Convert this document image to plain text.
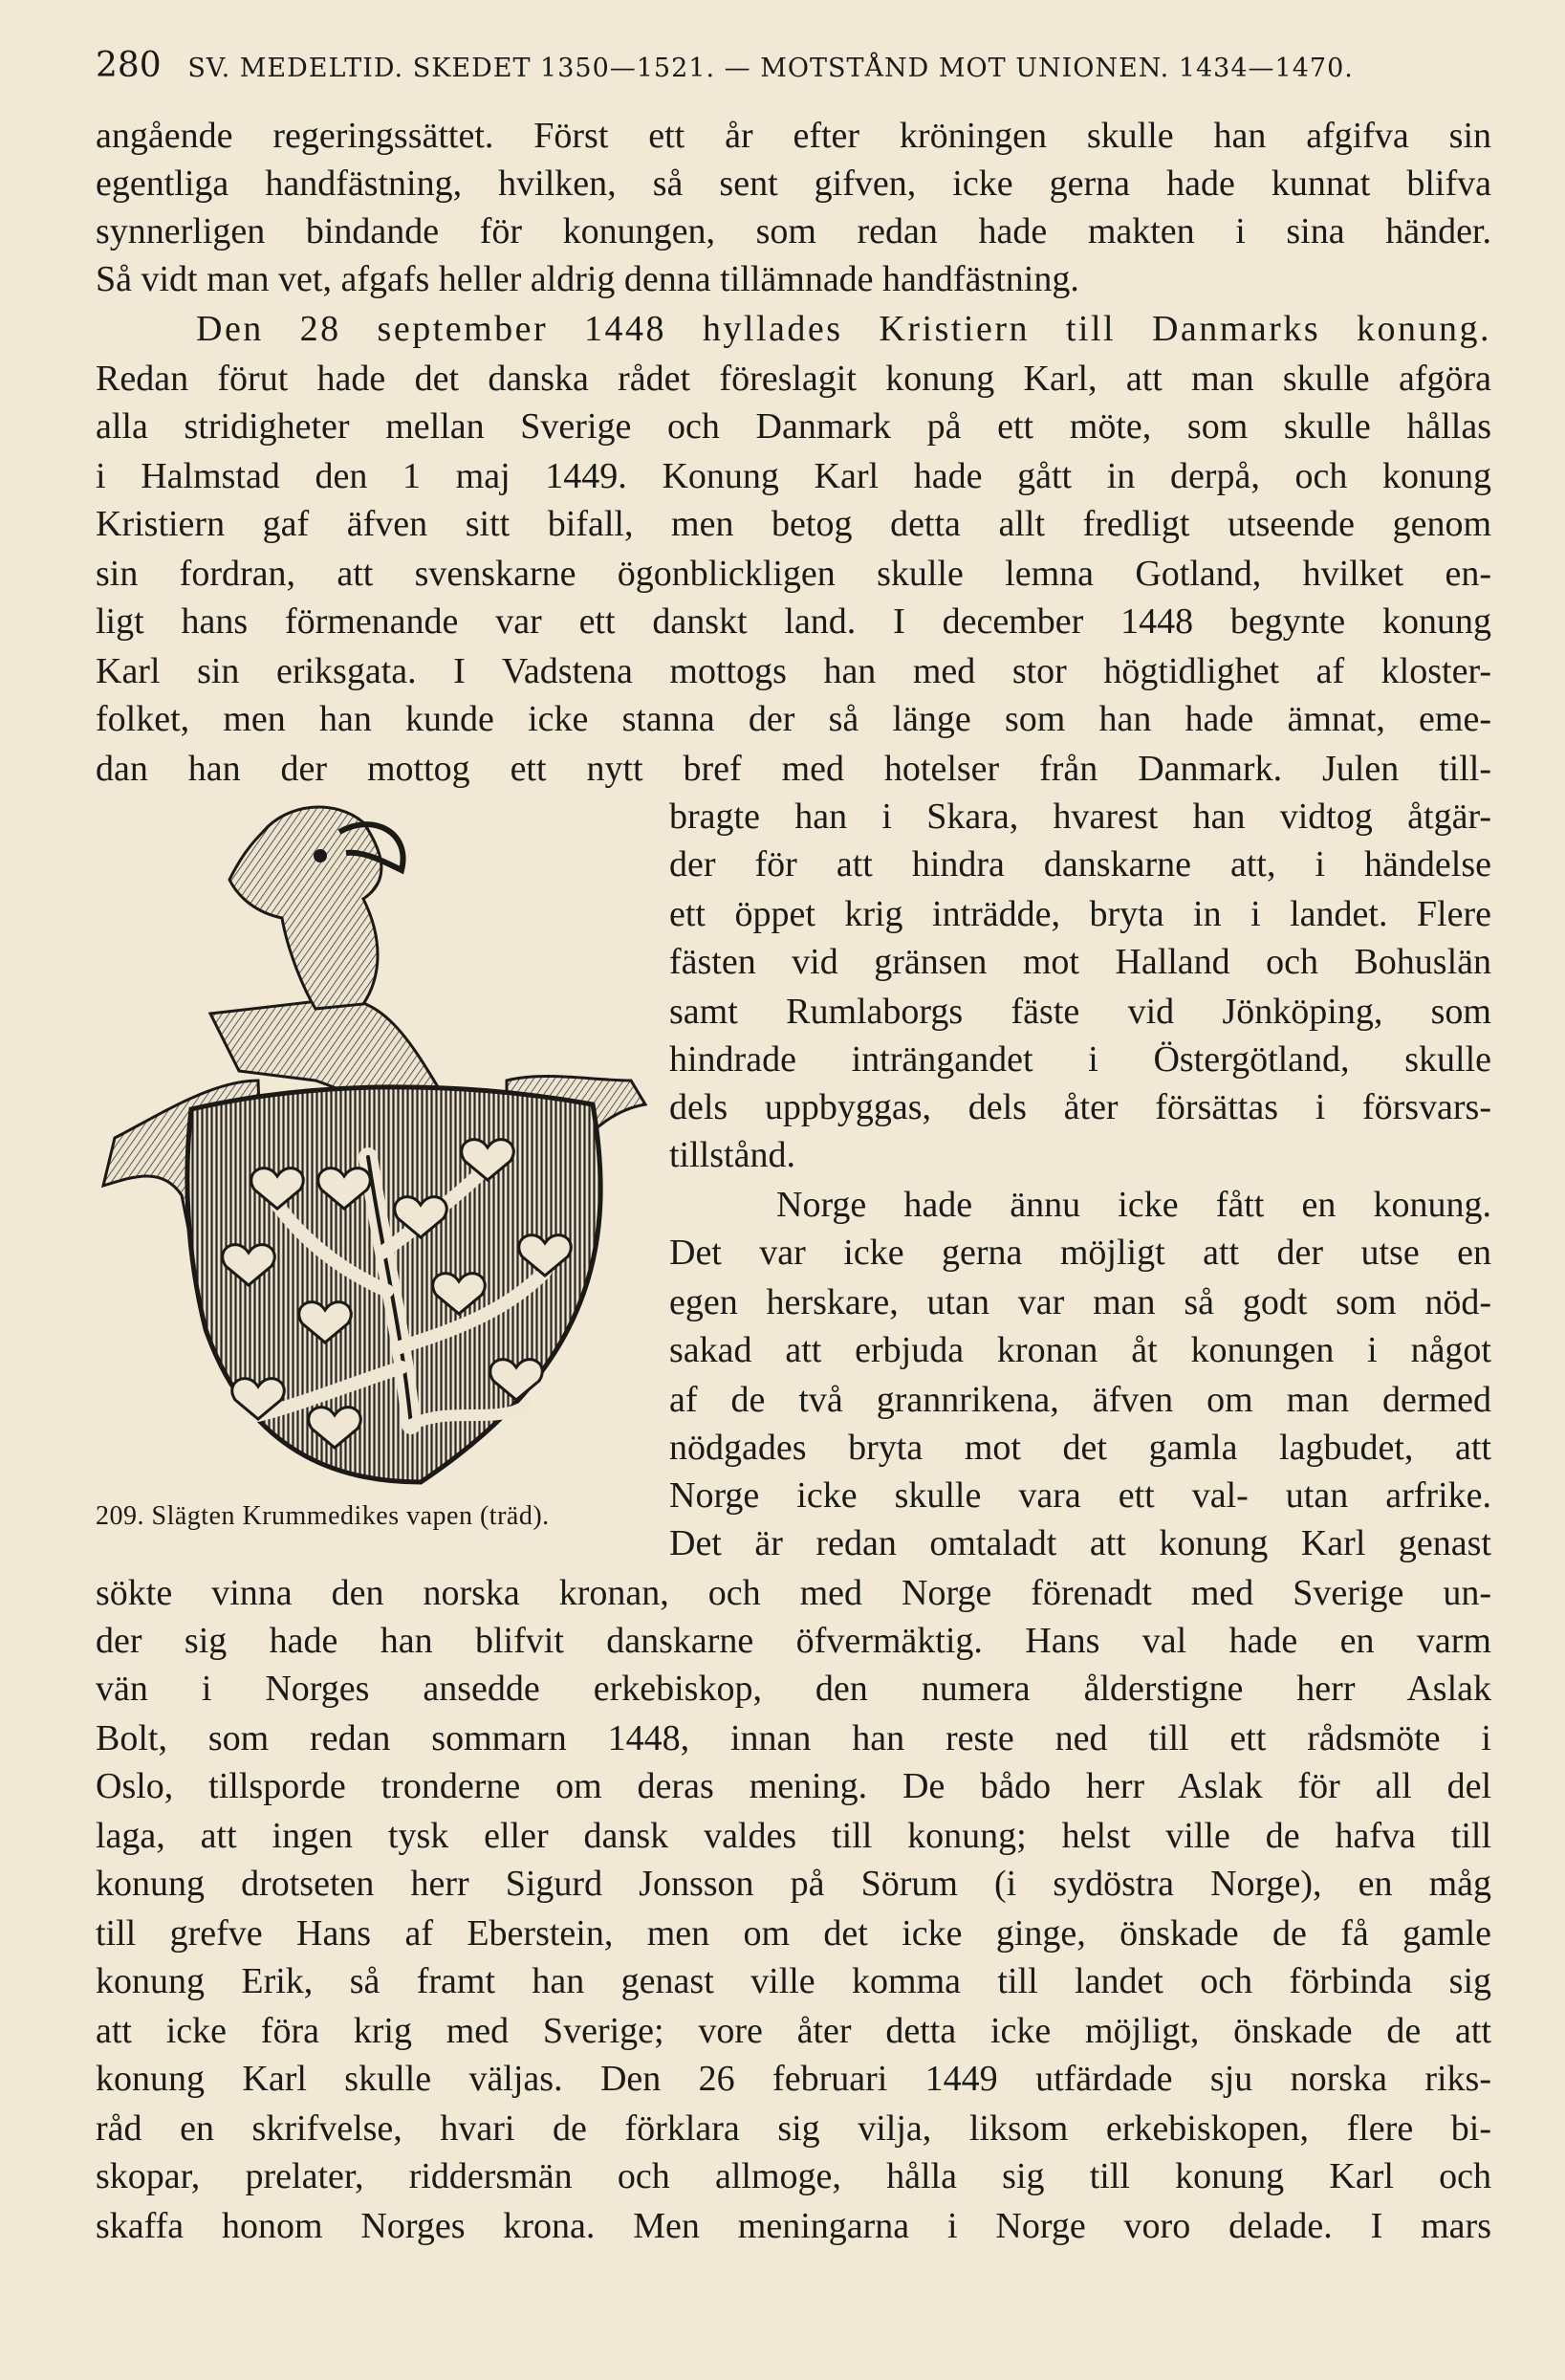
280 SV. MEDELTID. SKEDET 1350—1521. — MOTSTÅND MOT UNIONEN. 1434—1470.
angående regeringssättet. Först ett år efter kröningen skulle han afgifva sin
egentliga handfästning, hvilken, så sent gifven, icke gerna hade kunnat blifva
synnerligen bindande för konungen, som redan hade makten i sina händer.
Så vidt man vet, afgafs heller aldrig denna tillämnade handfästning.
Den 28 september 1448 hyllades Kristiern till Danmarks konung.
Redan förut hade det danska rådet föreslagit konung Karl, att man skulle afgöra
alla stridigheter mellan Sverige och Danmark på ett möte, som skulle hållas
i Halmstad den 1 maj 1449. Konung Karl hade gått in derpå, och konung
Kristiern gaf äfven sitt bifall, men betog detta allt fredligt utseende genom
sin fordran, att svenskarne ögonblickligen skulle lemna Gotland, hvilket en-
ligt hans förmenande var ett danskt land. I december 1448 begynte konung
Karl sin eriksgata. I Vadstena mottogs han med stor högtidlighet af kloster-
folket, men han kunde icke stanna der så länge som han hade ämnat, eme-
dan han der mottog ett nytt bref med hotelser från Danmark. Julen till-
bragte han i Skara, hvarest han vidtog åtgär-
der för att hindra danskarne att, i händelse
ett öppet krig inträdde, bryta in i landet. Flere
fästen vid gränsen mot Halland och Bohuslän
samt Rumlaborgs fäste vid Jönköping, som
hindrade inträngandet i Östergötland, skulle
dels uppbyggas, dels åter försättas i försvars-
tillstånd.
Norge hade ännu icke fått en konung.
Det var icke gerna möjligt att der utse en
egen herskare, utan var man så godt som nöd-
sakad att erbjuda kronan åt konungen i något
af de två grannrikena, äfven om man dermed
nödgades bryta mot det gamla lagbudet, att
Norge icke skulle vara ett val- utan arfrike.
Det är redan omtaladt att konung Karl genast
209. Slägten Krummedikes vapen (träd).
sökte vinna den norska kronan, och med Norge förenadt med Sverige un-
der sig hade han blifvit danskarne öfvermäktig. Hans val hade en varm
vän i Norges ansedde erkebiskop, den numera ålderstigne herr Aslak
Bolt, som redan sommarn 1448, innan han reste ned till ett rådsmöte i
Oslo, tillsporde tronderne om deras mening. De bådo herr Aslak för all del
laga, att ingen tysk eller dansk valdes till konung; helst ville de hafva till
konung drotseten herr Sigurd Jonsson på Sörum (i sydöstra Norge), en måg
till grefve Hans af Eberstein, men om det icke ginge, önskade de få gamle
konung Erik, så framt han genast ville komma till landet och förbinda sig
att icke föra krig med Sverige; vore åter detta icke möjligt, önskade de att
konung Karl skulle väljas. Den 26 februari 1449 utfärdade sju norska riks-
råd en skrifvelse, hvari de förklara sig vilja, liksom erkebiskopen, flere bi-
skopar, prelater, riddersmän och allmoge, hålla sig till konung Karl och
skaffa honom Norges krona. Men meningarna i Norge voro delade. I mars
